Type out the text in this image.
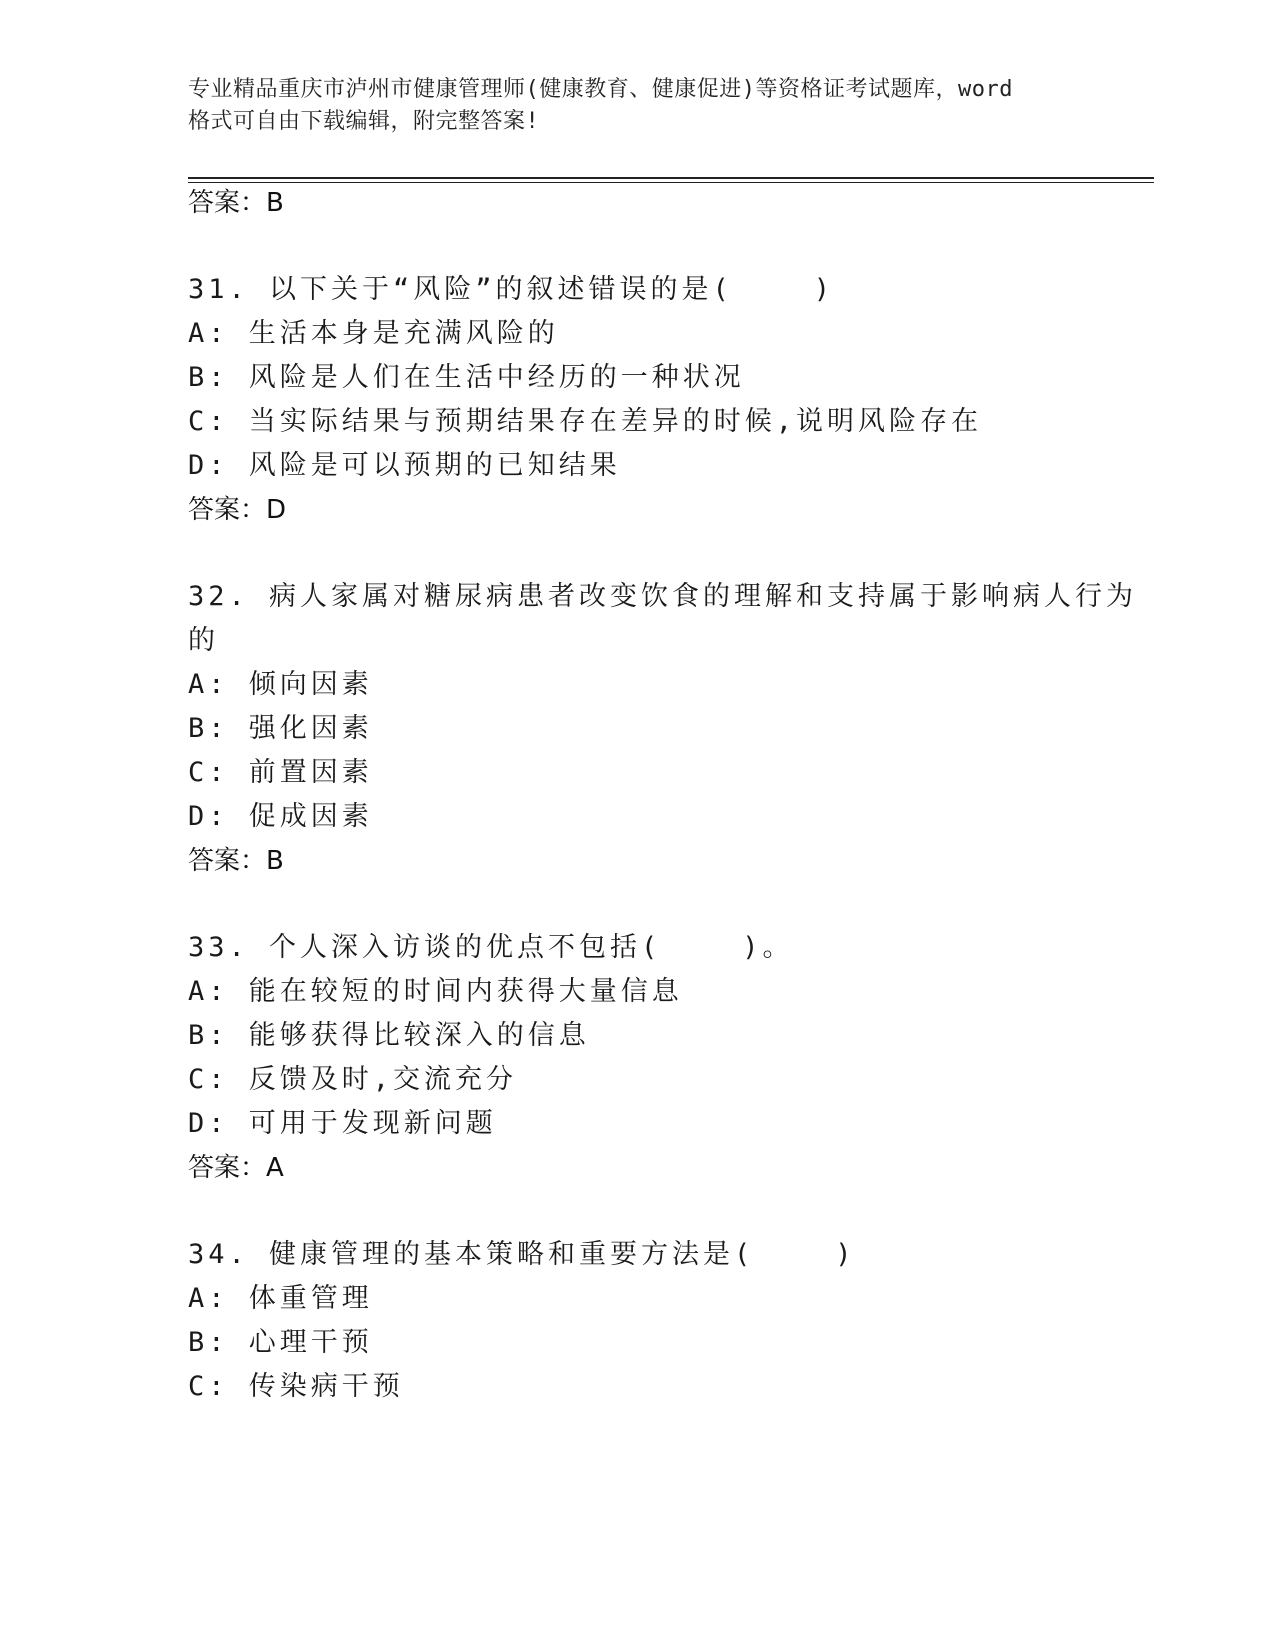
专业精品重庆市泸州市健康管理师(健康教育、健康促进)等资格证考试题库，word
格式可自由下载编辑，附完整答案!
答案：B
31. 以下关于“风险”的叙述错误的是(    )
A: 生活本身是充满风险的
B: 风险是人们在生活中经历的一种状况
C: 当实际结果与预期结果存在差异的时候,说明风险存在
D: 风险是可以预期的已知结果
答案：D
32. 病人家属对糖尿病患者改变饮食的理解和支持属于影响病人行为
的
A: 倾向因素
B: 强化因素
C: 前置因素
D: 促成因素
答案：B
33. 个人深入访谈的优点不包括(    )。
A: 能在较短的时间内获得大量信息
B: 能够获得比较深入的信息
C: 反馈及时,交流充分
D: 可用于发现新问题
答案：A
34. 健康管理的基本策略和重要方法是(    )
A: 体重管理
B: 心理干预
C: 传染病干预
